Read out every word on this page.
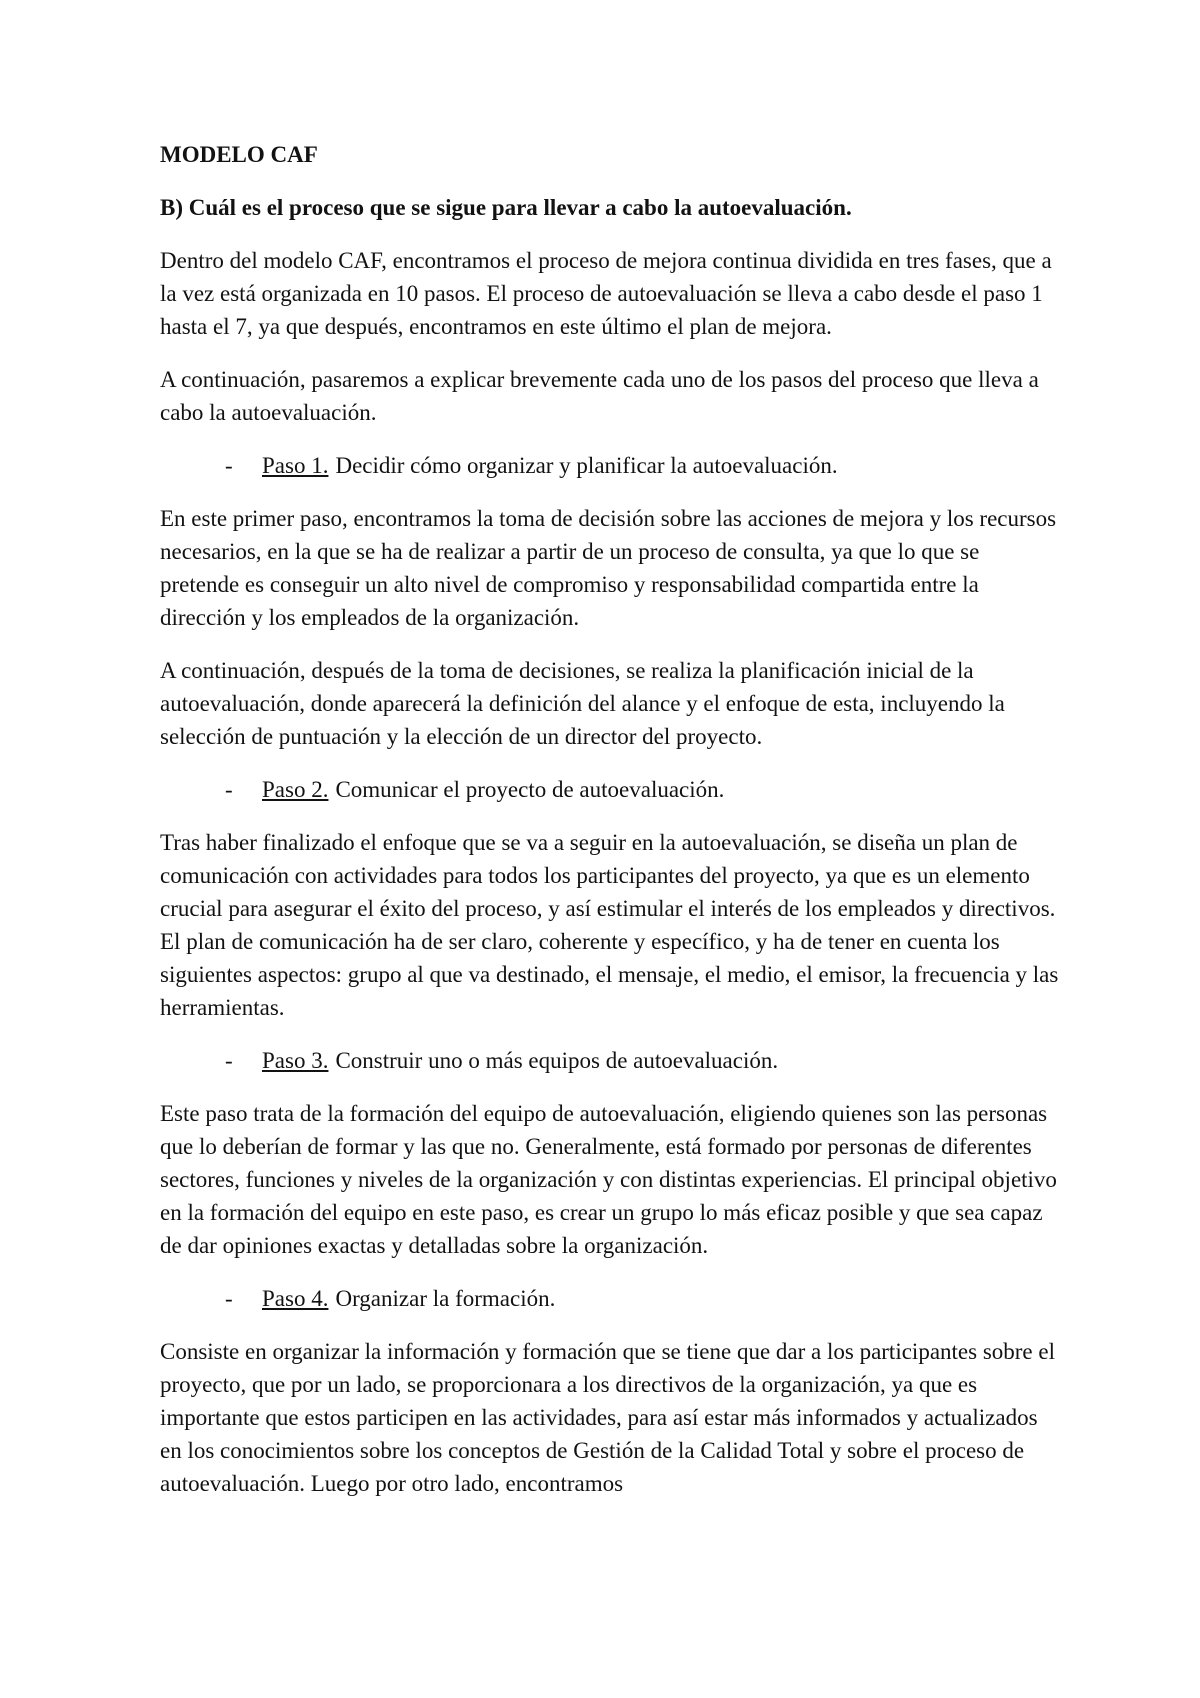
MODELO CAF

B) Cuál es el proceso que se sigue para llevar a cabo la autoevaluación.

Dentro del modelo CAF, encontramos el proceso de mejora continua dividida en tres fases, que a la vez está organizada en 10 pasos. El proceso de autoevaluación se lleva a cabo desde el paso 1 hasta el 7, ya que después, encontramos en este último el plan de mejora.

A continuación, pasaremos a explicar brevemente cada uno de los pasos del proceso que lleva a cabo la autoevaluación.

-	Paso 1. Decidir cómo organizar y planificar la autoevaluación.

En este primer paso, encontramos la toma de decisión sobre las acciones de mejora y los recursos necesarios, en la que se ha de realizar a partir de un proceso de consulta, ya que lo que se pretende es conseguir un alto nivel de compromiso y responsabilidad compartida entre la dirección y los empleados de la organización.

A continuación, después de la toma de decisiones, se realiza la planificación inicial de la autoevaluación, donde aparecerá la definición del alance y el enfoque de esta, incluyendo la selección de puntuación y la elección de un director del proyecto.

-	Paso 2. Comunicar el proyecto de autoevaluación.

Tras haber finalizado el enfoque que se va a seguir en la autoevaluación, se diseña un plan de comunicación con actividades para todos los participantes del proyecto, ya que es un elemento crucial para asegurar el éxito del proceso, y así estimular el interés de los empleados y directivos. El plan de comunicación ha de ser claro, coherente y específico, y ha de tener en cuenta los siguientes aspectos: grupo al que va destinado, el mensaje, el medio, el emisor, la frecuencia y las herramientas.

-	Paso 3. Construir uno o más equipos de autoevaluación.

Este paso trata de la formación del equipo de autoevaluación, eligiendo quienes son las personas que lo deberían de formar y las que no. Generalmente, está formado por personas de diferentes sectores, funciones y niveles de la organización y con distintas experiencias. El principal objetivo en la formación del equipo en este paso, es crear un grupo lo más eficaz posible y que sea capaz de dar opiniones exactas y detalladas sobre la organización.

-	Paso 4. Organizar la formación.

Consiste en organizar la información y formación que se tiene que dar a los participantes sobre el proyecto, que por un lado, se proporcionara a los directivos de la organización, ya que es importante que estos participen en las actividades, para así estar más informados y actualizados en los conocimientos sobre los conceptos de Gestión de la Calidad Total y sobre el proceso de autoevaluación. Luego por otro lado, encontramos
